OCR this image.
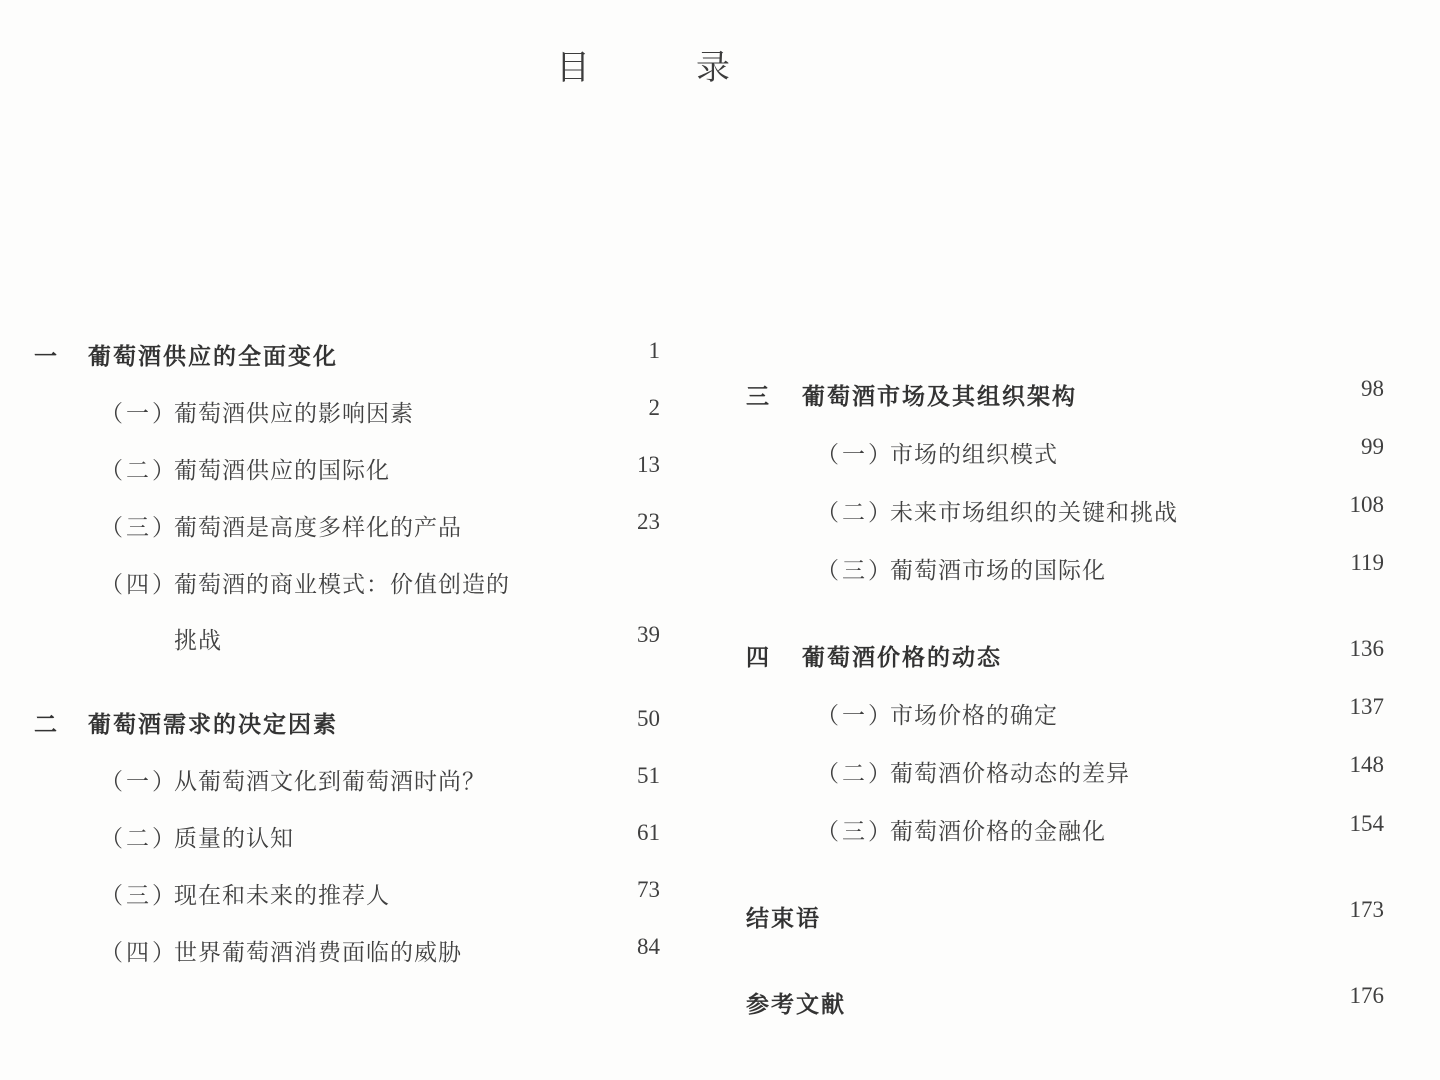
目　录
一 葡萄酒供应的全面变化	1
（一）葡萄酒供应的影响因素	2
（二）葡萄酒供应的国际化	13
（三）葡萄酒是高度多样化的产品	23
（四）葡萄酒的商业模式：价值创造的
挑战	39
二 葡萄酒需求的决定因素	50
（一）从葡萄酒文化到葡萄酒时尚？	51
（二）质量的认知	61
（三）现在和未来的推荐人	73
（四）世界葡萄酒消费面临的威胁	84
三 葡萄酒市场及其组织架构	98
（一）市场的组织模式	99
（二）未来市场组织的关键和挑战	108
（三）葡萄酒市场的国际化	119
四 葡萄酒价格的动态	136
（一）市场价格的确定	137
（二）葡萄酒价格动态的差异	148
（三）葡萄酒价格的金融化	154
结束语	173
参考文献	176
